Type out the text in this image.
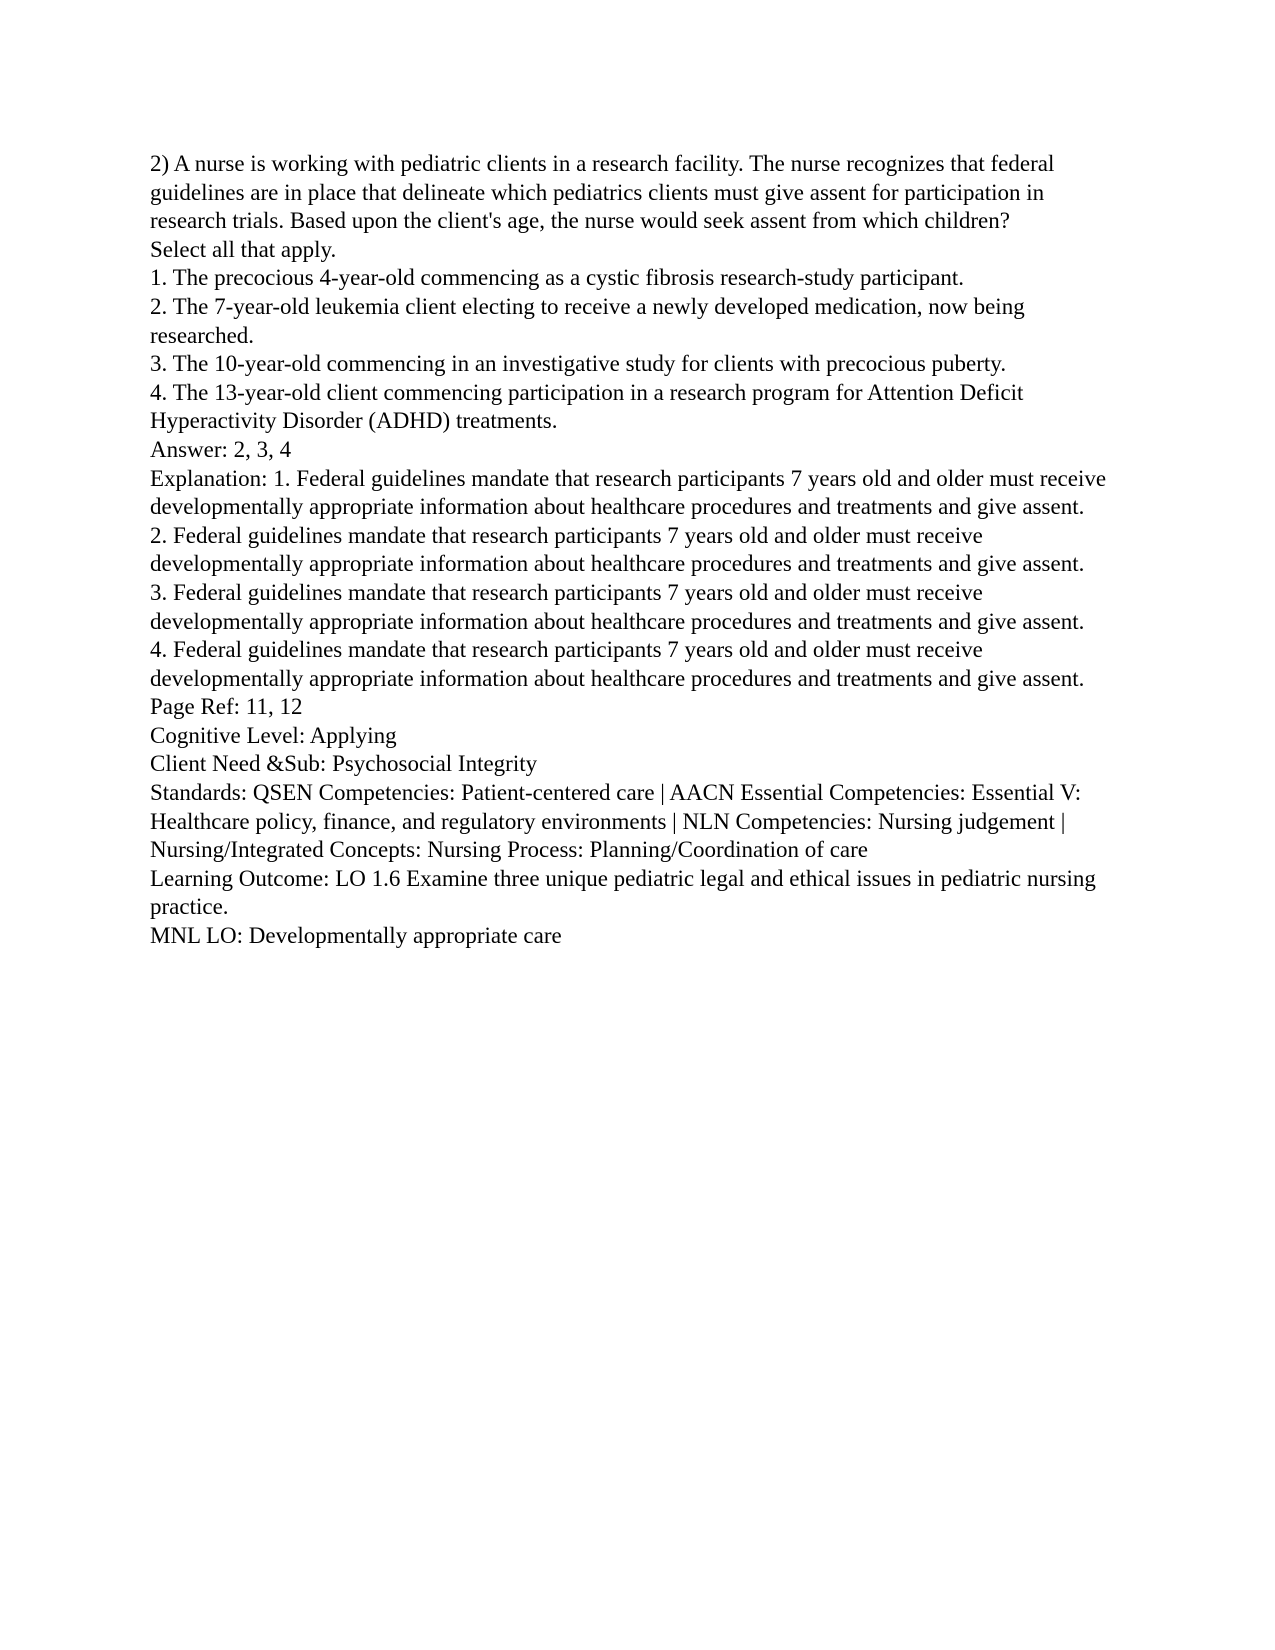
2) A nurse is working with pediatric clients in a research facility. The nurse recognizes that federal guidelines are in place that delineate which pediatrics clients must give assent for participation in research trials. Based upon the client's age, the nurse would seek assent from which children?

Select all that apply.

1. The precocious 4-year-old commencing as a cystic fibrosis research-study participant.

2. The 7-year-old leukemia client electing to receive a newly developed medication, now being researched.

3. The 10-year-old commencing in an investigative study for clients with precocious puberty.

4. The 13-year-old client commencing participation in a research program for Attention Deficit Hyperactivity Disorder (ADHD) treatments.

Answer: 2, 3, 4

Explanation: 1. Federal guidelines mandate that research participants 7 years old and older must receive developmentally appropriate information about healthcare procedures and treatments and give assent.

2. Federal guidelines mandate that research participants 7 years old and older must receive developmentally appropriate information about healthcare procedures and treatments and give assent.

3. Federal guidelines mandate that research participants 7 years old and older must receive developmentally appropriate information about healthcare procedures and treatments and give assent.

4. Federal guidelines mandate that research participants 7 years old and older must receive developmentally appropriate information about healthcare procedures and treatments and give assent.

Page Ref: 11, 12

Cognitive Level: Applying

Client Need &Sub: Psychosocial Integrity

Standards: QSEN Competencies: Patient-centered care | AACN Essential Competencies: Essential V: Healthcare policy, finance, and regulatory environments | NLN Competencies: Nursing judgement | Nursing/Integrated Concepts: Nursing Process: Planning/Coordination of care

Learning Outcome: LO 1.6 Examine three unique pediatric legal and ethical issues in pediatric nursing practice.

MNL LO: Developmentally appropriate care
